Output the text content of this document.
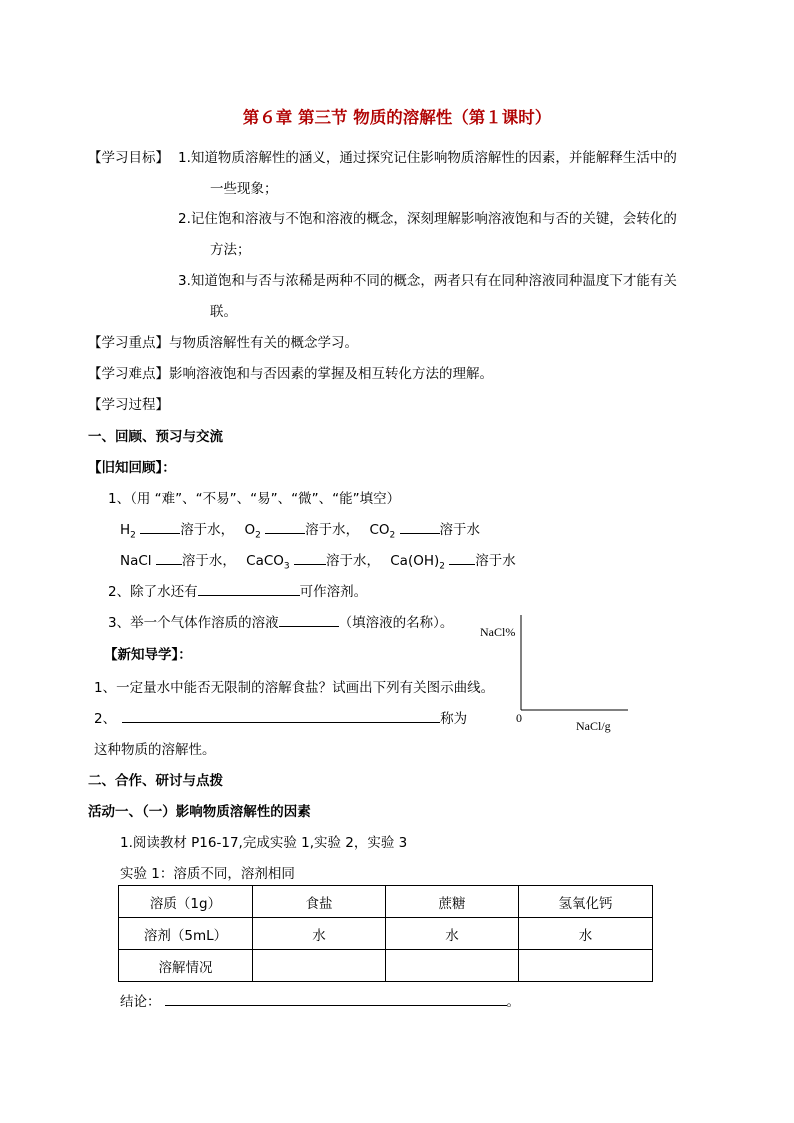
第６章 第三节 物质的溶解性（第１课时）
【学习目标】 1.知道物质溶解性的涵义，通过探究记住影响物质溶解性的因素，并能解释生活中的
一些现象；
2.记住饱和溶液与不饱和溶液的概念，深刻理解影响溶液饱和与否的关键，会转化的
方法；
3.知道饱和与否与浓稀是两种不同的概念，两者只有在同种溶液同种温度下才能有关
联。
【学习重点】与物质溶解性有关的概念学习。
【学习难点】影响溶液饱和与否因素的掌握及相互转化方法的理解。
【学习过程】
一、回顾、预习与交流
【旧知回顾】：
1、（用 “难”、“不易”、“易”、“微”、“能”填空）
$H_2$	溶于水， $O_2$	溶于水， $CO_2$	溶于水
NaCl 溶于水， CaCO$_3$	溶于水， $Ca(OH)_2$ 溶于水
2、除了水还有	可作溶剂。
3、举一个气体作溶质的溶液	（填溶液的名称）。
【新知导学】：
1、一定量水中能否无限制的溶解食盐？试画出下列有关图示曲线。
2、	称为
这种物质的溶解性。
NaCl%
0
NaCl/g
二、合作、研讨与点拨
活动一、（一）影响物质溶解性的因素
1.阅读教材 P16-17,完成实验 1,实验 2，实验 3
实验 1：溶质不同，溶剂相同
溶质（1g）	食盐	蔗糖	氢氧化钙
溶剂（5mL）	水	水	水
溶解情况			
结论：	。
